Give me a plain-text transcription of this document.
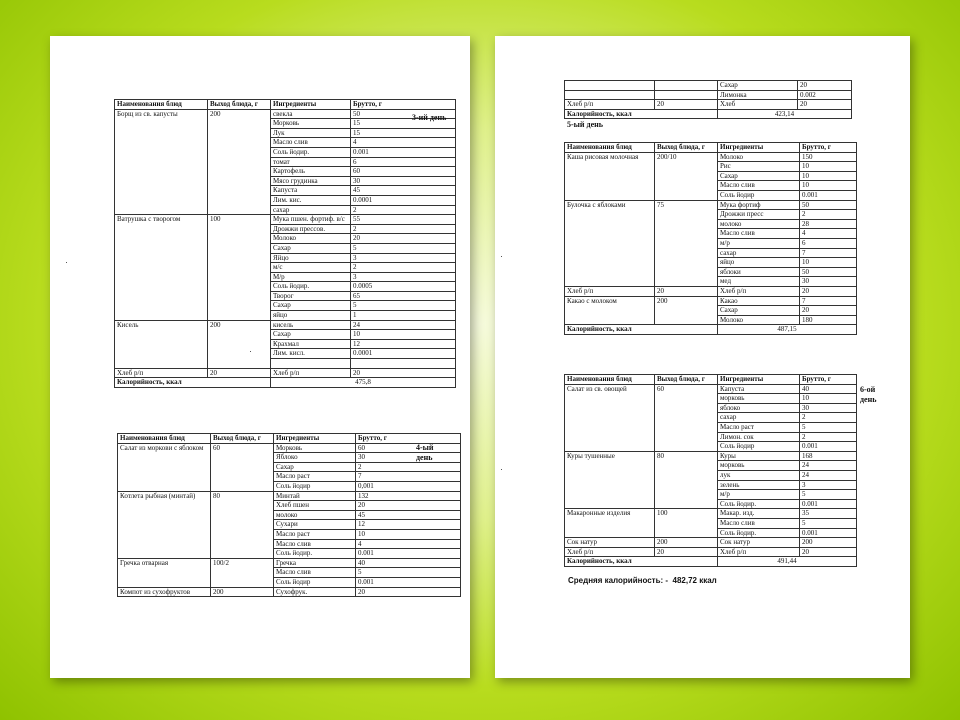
Наименования блюд	Выход блюда, г	Ингредиенты	Брутто, г
Борщ из св. капусты	200	свекла	50
		Морковь	15
		Лук	15
		Масло слив	4
		Соль йодир.	0.001
		томат	6
		Картофель	60
		Мясо грудинка	30
		Капуста	45
		Лим. кис.	0.0001
		сахар	2
Ватрушка с творогом	100	Мука пшен. фортиф. в/с	55
		Дрожжи прессов.	2
		Молоко	20
		Сахар	5
		Яйцо	3
		м/с	2
		М/р	3
		Соль йодир.	0.0005
		Творог	65
		Сахар	5
		яйцо	1
Кисель	200	кисель	24
		Сахар	10
		Крахмал	12
		Лим. кисл.	0.0001

Хлеб р/п	20	Хлеб р/п	20
Калорийность, ккал		475,8	
3-ий день
Наименования блюд	Выход блюда, г	Ингредиенты	Брутто, г
Салат из моркови с яблоком	60	Морковь	60
		Яблоко	30
		Сахар	2
		Масло раст	7
		Соль йодир	0,001
Котлета рыбная (минтай)	80	Минтай	132
		Хлеб пшен	20
		молоко	45
		Сухари	12
		Масло раст	10
		Масло слив	4
		Соль йодир.	0.001
Гречка отварная	100/2	Гречка	40
		Масло слив	5
		Соль йодир	0.001
Компот из сухофруктов	200	Сухофрук.	20
4-ый день
		Сахар	20
		Лимонка	0.002
Хлеб р/п	20	Хлеб	20
Калорийность, ккал		423,14	
5-ый день
Наименования блюд	Выход блюда, г	Ингредиенты	Брутто, г
Каша рисовая молочная	200/10	Молоко	150
		Рис	10
		Сахар	10
		Масло слив	10
		Соль йодир	0.001
Булочка с яблоками	75	Мука фортиф	50
		Дрожжи пресс	2
		молоко	28
		Масло слив	4
		м/р	6
		сахар	7
		яйцо	10
		яблоки	50
		мед	30
Хлеб р/п	20	Хлеб р/п	20
Какао с молоком	200	Какао	7
		Сахар	20
		Молоко	180
Калорийность, ккал		487,15	
Наименования блюд	Выход блюда, г	Ингредиенты	Брутто, г
Салат из св. овощей	60	Капуста	40
		морковь	10
		яблоко	30
		сахар	2
		Масло раст	5
		Лимон. сок	2
		Соль йодир	0.001
Куры тушенные	80	Куры	168
		морковь	24
		лук	24
		зелень	3
		м/р	5
		Соль йодир.	0.001
Макаронные изделия	100	Макар. изд.	35
		Масло слив	5
		Соль йодир.	0.001
Сок натур	200	Сок натур	200
Хлеб р/п	20	Хлеб р/п	20
Калорийность, ккал		491,44	
6-ой день
Средняя калорийность: - 482,72 ккал
